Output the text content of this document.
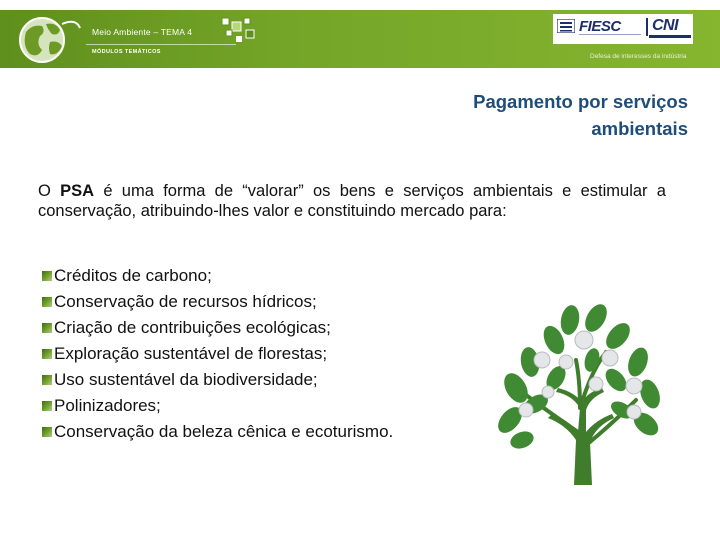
Meio Ambiente – TEMA 4
MÓDULOS TEMÁTICOS
FIESC CNI
Defesa de interesses da indústria
Pagamento por serviços
ambientais

O PSA é uma forma de “valorar” os bens e serviços ambientais e estimular a conservação, atribuindo-lhes valor e constituindo mercado para:

Créditos de carbono;
Conservação de recursos hídricos;
Criação de contribuições ecológicas;
Exploração sustentável de florestas;
Uso sustentável da biodiversidade;
Polinizadores;
Conservação da beleza cênica e ecoturismo.
